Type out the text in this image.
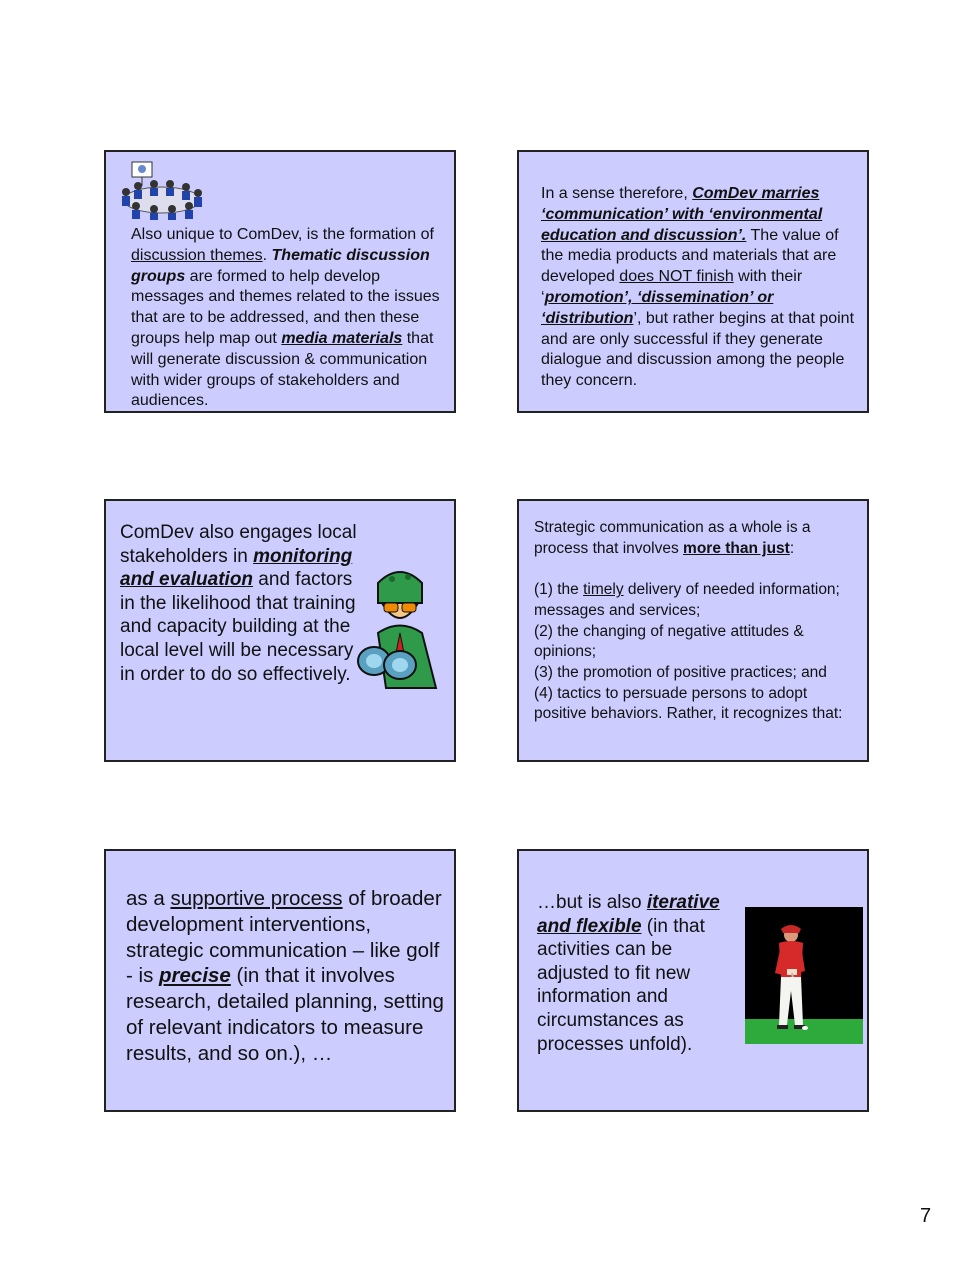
Also unique to ComDev, is the formation of discussion themes. Thematic discussion groups are formed to help develop messages and themes related to the issues that are to be addressed, and then these groups help map out media materials that will generate discussion & communication with wider groups of stakeholders and audiences.

In a sense therefore, ComDev marries ‘communication’ with ‘environmental education and discussion’. The value of the media products and materials that are developed does NOT finish with their ‘promotion’, ‘dissemination’ or ‘distribution’, but rather begins at that point and are only successful if they generate dialogue and discussion among the people they concern.

ComDev also engages local stakeholders in monitoring and evaluation and factors in the likelihood that training and capacity building at the local level will be necessary in order to do so effectively.

Strategic communication as a whole is a process that involves more than just:
(1) the timely delivery of needed information; messages and services;
(2) the changing of negative attitudes & opinions;
(3) the promotion of positive practices; and
(4) tactics to persuade persons to adopt positive behaviors. Rather, it recognizes that:

as a supportive process of broader development interventions, strategic communication – like golf - is precise (in that it involves research, detailed planning, setting of relevant indicators to measure results, and so on.), …

…but is also iterative and flexible (in that activities can be adjusted to fit new information and circumstances as processes unfold).

7
